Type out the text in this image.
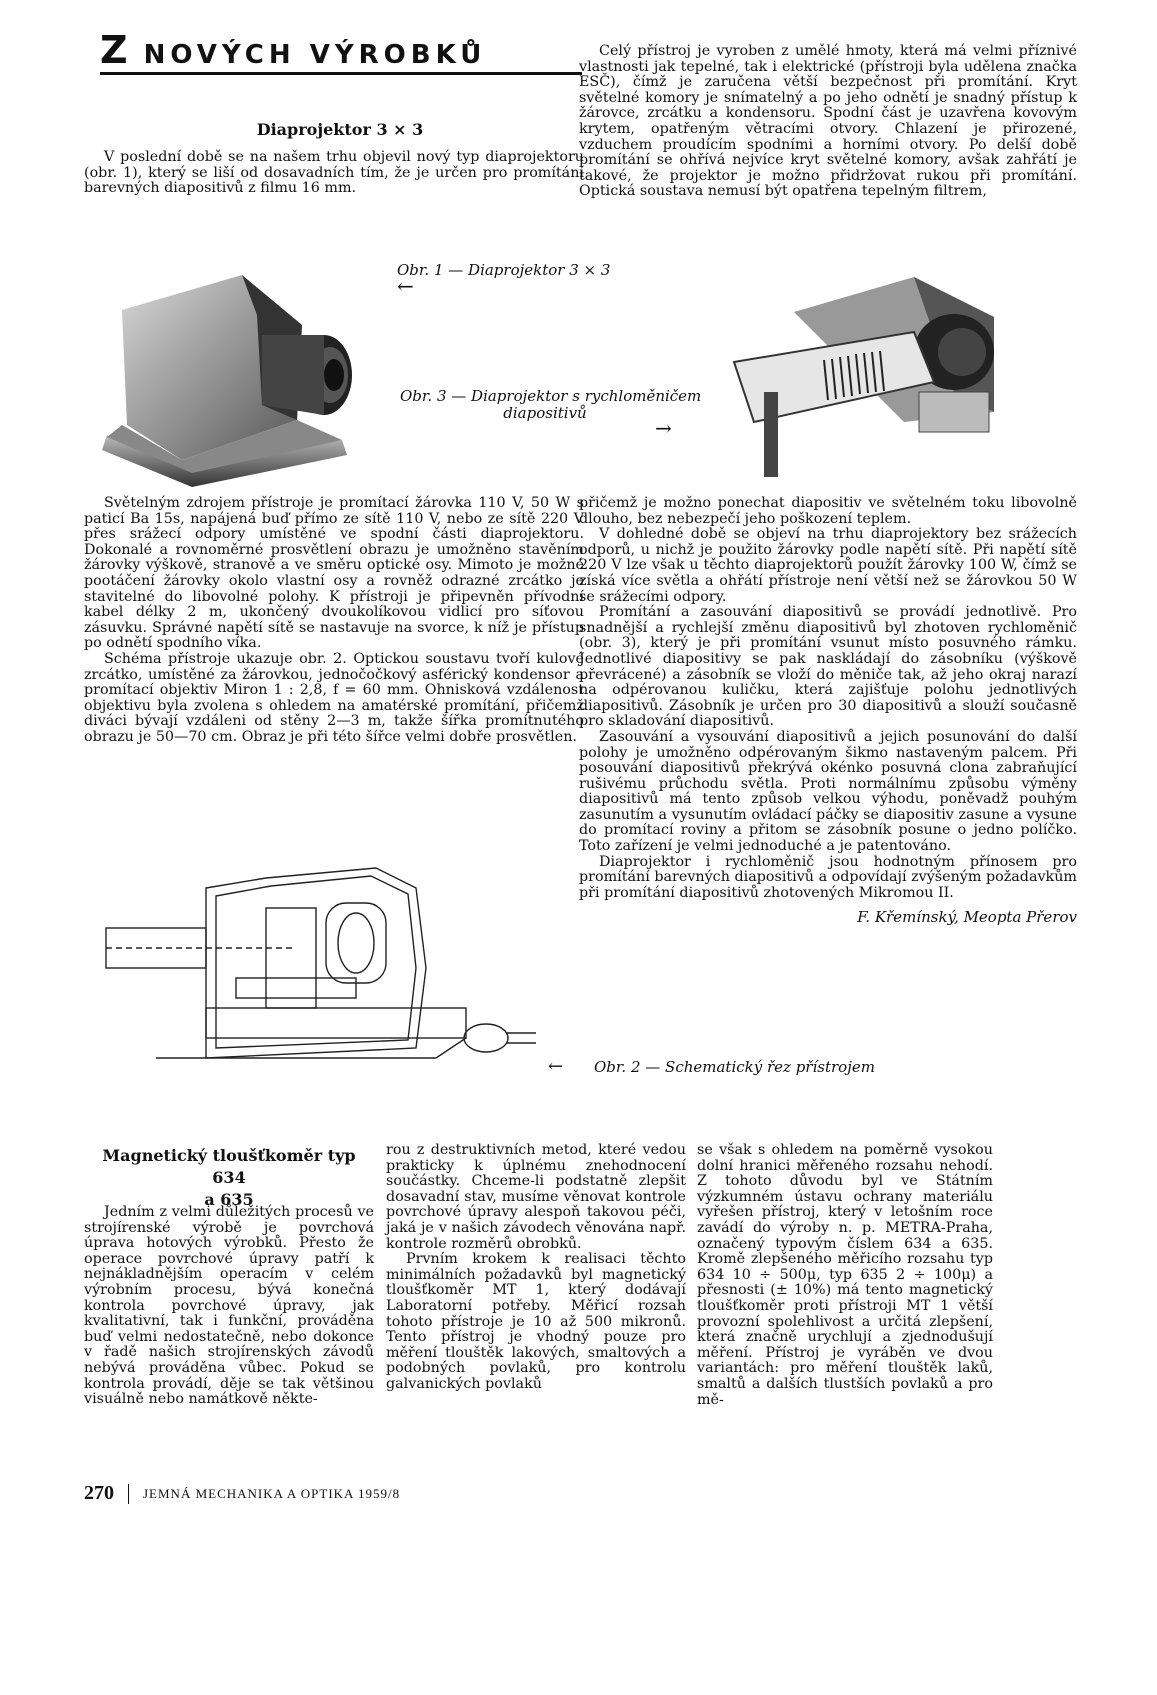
Z NOVÝCH VÝROBKŮ
Diaprojektor 3 × 3

V poslední době se na našem trhu objevil nový typ diaprojektoru (obr. 1), který se liší od dosavadních tím, že je určen pro promítání barevných diapositivů z filmu 16 mm.

Celý přístroj je vyroben z umělé hmoty, která má velmi příznivé vlastnosti jak tepelné, tak i elektrické (přístroji byla udělena značka ESČ), čímž je zaručena větší bezpečnost při promítání. Kryt světelné komory je snímatelný a po jeho odnětí je snadný přístup k žárovce, zrcátku a kondensoru. Spodní část je uzavřena kovovým krytem, opatřeným větracími otvory. Chlazení je přirozené, vzduchem proudícím spodními a horními otvory. Po delší době promítání se ohřívá nejvíce kryt světelné komory, avšak zahřátí je takové, že projektor je možno přidržovat rukou při promítání. Optická soustava nemusí být opatřena tepelným filtrem,

Obr. 1 — Diaprojektor 3 × 3
←
Obr. 3 — Diaprojektor s rychloměničem
diapositivů
→

Světelným zdrojem přístroje je promítací žárovka 110 V, 50 W s paticí Ba 15s, napájená buď přímo ze sítě 110 V, nebo ze sítě 220 V přes srážecí odpory umístěné ve spodní části diaprojektoru. Dokonalé a rovnoměrné prosvětlení obrazu je umožněno stavěním žárovky výškově, stranově a ve směru optické osy. Mimoto je možné pootáčení žárovky okolo vlastní osy a rovněž odrazné zrcátko je stavitelné do libovolné polohy. K přístroji je připevněn přívodní kabel délky 2 m, ukončený dvoukolíkovou vidlicí pro síťovou zásuvku. Správné napětí sítě se nastavuje na svorce, k níž je přístup po odnětí spodního víka.

Schéma přístroje ukazuje obr. 2. Optickou soustavu tvoří kulové zrcátko, umístěné za žárovkou, jednočočkový asférický kondensor a promítací objektiv Miron 1 : 2,8, f = 60 mm. Ohnisková vzdálenost objektivu byla zvolena s ohledem na amatérské promítání, přičemž diváci bývají vzdáleni od stěny 2—3 m, takže šířka promítnutého obrazu je 50—70 cm. Obraz je při této šířce velmi dobře prosvětlen.

přičemž je možno ponechat diapositiv ve světelném toku libovolně dlouho, bez nebezpečí jeho poškození teplem.

V dohledné době se objeví na trhu diaprojektory bez srážecích odporů, u nichž je použito žárovky podle napětí sítě. Při napětí sítě 220 V lze však u těchto diaprojektorů použít žárovky 100 W, čímž se získá více světla a ohřátí přístroje není větší než se žárovkou 50 W se srážecími odpory.

Promítání a zasouvání diapositivů se provádí jednotlivě. Pro snadnější a rychlejší změnu diapositivů byl zhotoven rychloměnič (obr. 3), který je při promítání vsunut místo posuvného rámku. Jednotlivé diapositivy se pak naskládají do zásobníku (výškově převrácené) a zásobník se vloží do měniče tak, až jeho okraj narazí na odpérovanou kuličku, která zajišťuje polohu jednotlivých diapositivů. Zásobník je určen pro 30 diapositivů a slouží současně pro skladování diapositivů.

Zasouvání a vysouvání diapositivů a jejich posunování do další polohy je umožněno odpérovaným šikmo nastaveným palcem. Při posouvání diapositivů překrývá okénko posuvná clona zabraňující rušivému průchodu světla. Proti normálnímu způsobu výměny diapositivů má tento způsob velkou výhodu, poněvadž pouhým zasunutím a vysunutím ovládací páčky se diapositiv zasune a vysune do promítací roviny a přitom se zásobník posune o jedno políčko. Toto zařízení je velmi jednoduché a je patentováno.

Diaprojektor i rychloměnič jsou hodnotným přínosem pro promítání barevných diapositivů a odpovídají zvýšeným požadavkům při promítání diapositivů zhotovených Mikromou II.

F. Křemínský, Meopta Přerov
← Obr. 2 — Schematický řez přístrojem
Magnetický tloušťkoměr typ 634
a 635

Jedním z velmi důležitých procesů ve strojírenské výrobě je povrchová úprava hotových výrobků. Přesto že operace povrchové úpravy patří k nejnákladnějším operacím v celém výrobním procesu, bývá konečná kontrola povrchové úpravy, jak kvalitativní, tak i funkční, prováděna buď velmi nedostatečně, nebo dokonce v řadě našich strojírenských závodů nebývá prováděna vůbec. Pokud se kontrola provádí, děje se tak většinou visuálně nebo namátkově někte-

rou z destruktivních metod, které vedou prakticky k úplnému znehodnocení součástky. Chceme-li podstatně zlepšit dosavadní stav, musíme věnovat kontrole povrchové úpravy alespoň takovou péči, jaká je v našich závodech věnována např. kontrole rozměrů obrobků.

Prvním krokem k realisaci těchto minimálních požadavků byl magnetický tloušťkoměr MT 1, který dodávají Laboratorní potřeby. Měřicí rozsah tohoto přístroje je 10 až 500 mikronů. Tento přístroj je vhodný pouze pro měření tlouštěk lakových, smaltových a podobných povlaků, pro kontrolu galvanických povlaků

se však s ohledem na poměrně vysokou dolní hranici měřeného rozsahu nehodí. Z tohoto důvodu byl ve Státním výzkumném ústavu ochrany materiálu vyřešen přístroj, který v letošním roce zavádí do výroby n. p. METRA-Praha, označený typovým číslem 634 a 635. Kromě zlepšeného měřicího rozsahu typ 634 10 ÷ 500μ, typ 635 2 ÷ 100μ) a přesnosti (± 10%) má tento magnetický tloušťkoměr proti přístroji MT 1 větší provozní spolehlivost a určitá zlepšení, která značně urychlují a zjednodušují měření. Přístroj je vyráběn ve dvou variantách: pro měření tlouštěk laků, smaltů a dalších tlustších povlaků a pro mě-

270 JEMNÁ MECHANIKA A OPTIKA 1959/8
